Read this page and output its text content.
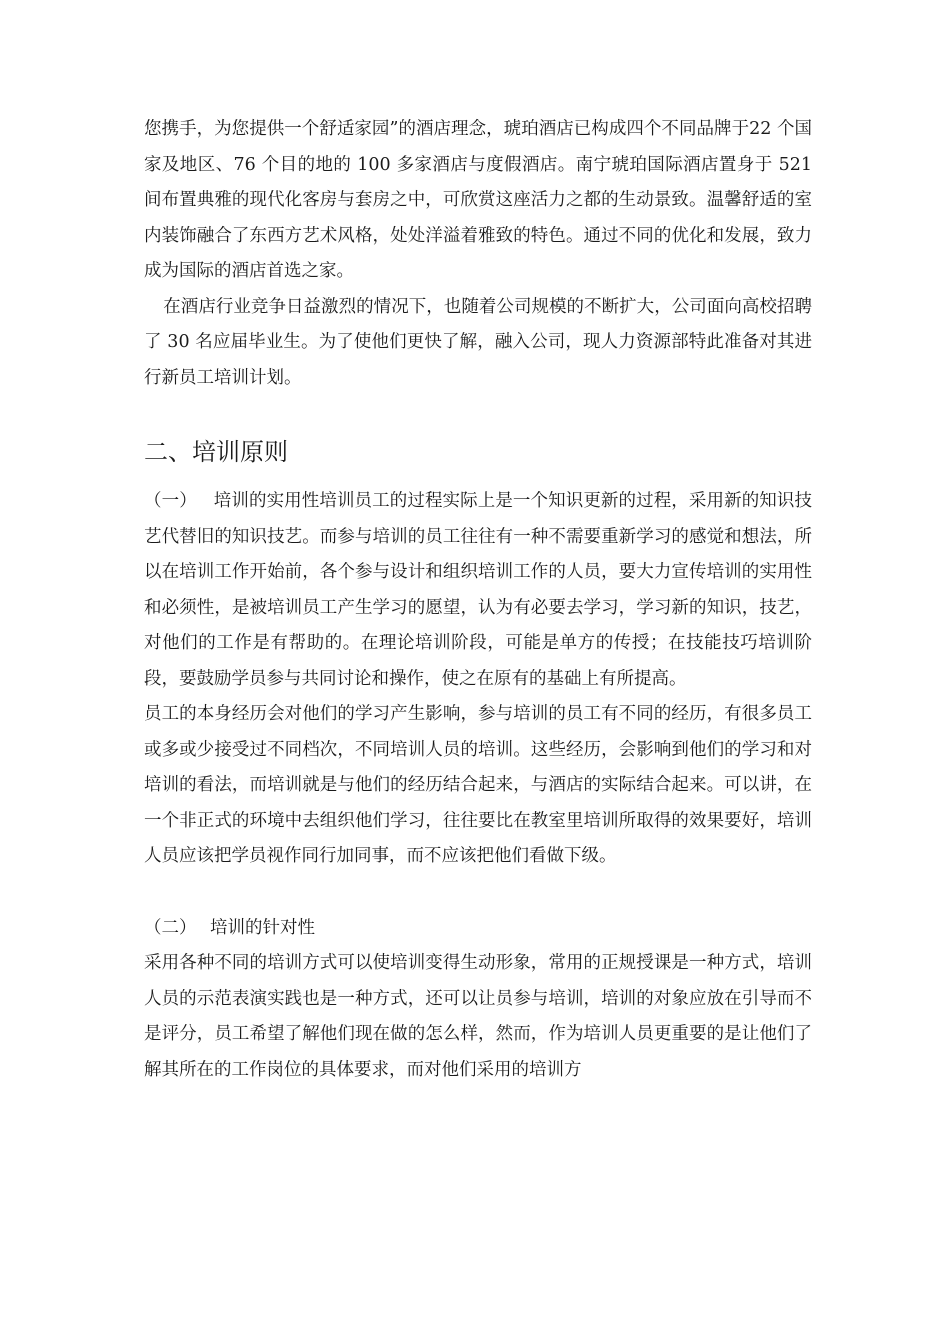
您携手，为您提供一个舒适家园”的酒店理念，琥珀酒店已构成四个不同品牌于22 个国家及地区、76 个目的地的 100 多家酒店与度假酒店。南宁琥珀国际酒店置身于 521 间布置典雅的现代化客房与套房之中，可欣赏这座活力之都的生动景致。温馨舒适的室内装饰融合了东西方艺术风格，处处洋溢着雅致的特色。通过不同的优化和发展，致力成为国际的酒店首选之家。

在酒店行业竞争日益激烈的情况下，也随着公司规模的不断扩大，公司面向高校招聘了 30 名应届毕业生。为了使他们更快了解，融入公司，现人力资源部特此准备对其进行新员工培训计划。

二、培训原则

（一） 培训的实用性培训员工的过程实际上是一个知识更新的过程，采用新的知识技艺代替旧的知识技艺。而参与培训的员工往往有一种不需要重新学习的感觉和想法，所以在培训工作开始前，各个参与设计和组织培训工作的人员，要大力宣传培训的实用性和必须性，是被培训员工产生学习的愿望，认为有必要去学习，学习新的知识，技艺，对他们的工作是有帮助的。在理论培训阶段，可能是单方的传授；在技能技巧培训阶段，要鼓励学员参与共同讨论和操作，使之在原有的基础上有所提高。

员工的本身经历会对他们的学习产生影响，参与培训的员工有不同的经历，有很多员工或多或少接受过不同档次，不同培训人员的培训。这些经历，会影响到他们的学习和对培训的看法，而培训就是与他们的经历结合起来，与酒店的实际结合起来。可以讲，在一个非正式的环境中去组织他们学习，往往要比在教室里培训所取得的效果要好，培训人员应该把学员视作同行加同事，而不应该把他们看做下级。

（二） 培训的针对性

采用各种不同的培训方式可以使培训变得生动形象，常用的正规授课是一种方式，培训人员的示范表演实践也是一种方式，还可以让员参与培训，培训的对象应放在引导而不是评分，员工希望了解他们现在做的怎么样，然而，作为培训人员更重要的是让他们了解其所在的工作岗位的具体要求，而对他们采用的培训方
